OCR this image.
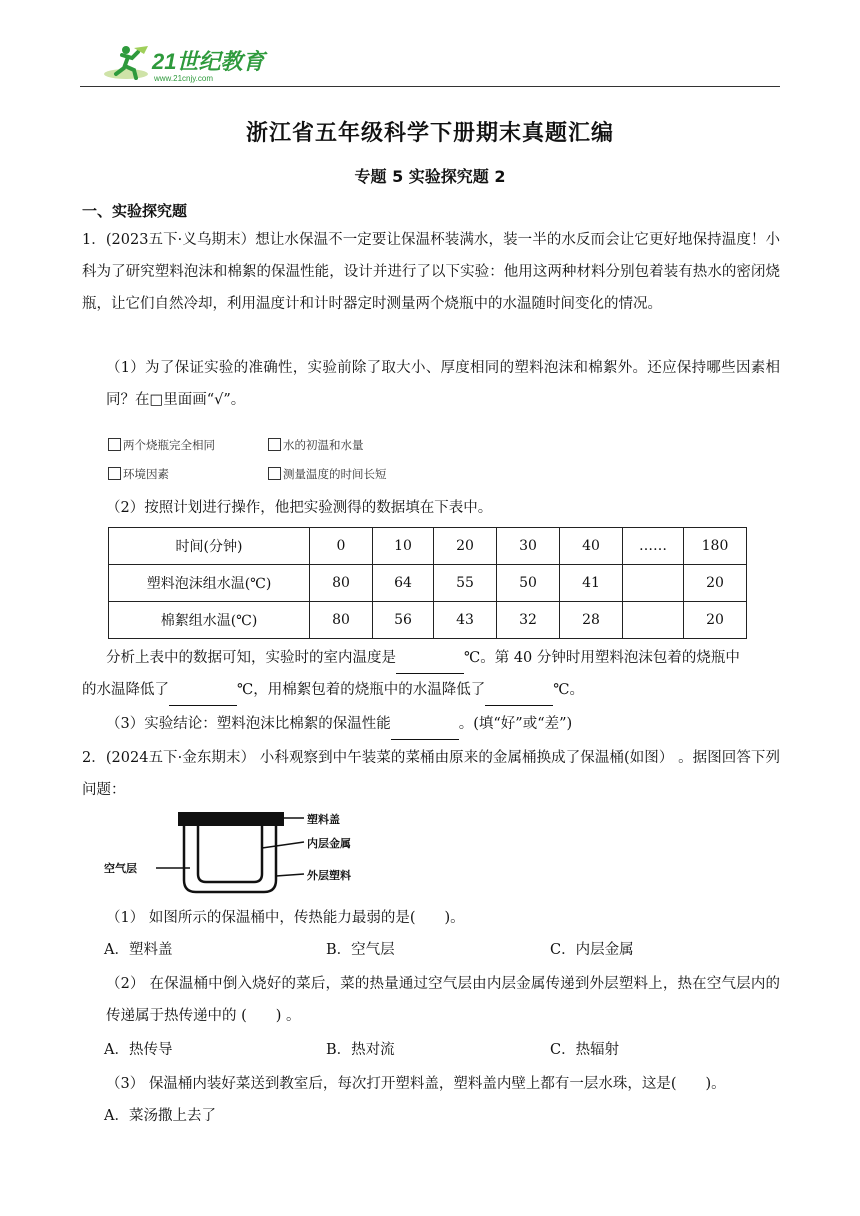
21世纪教育
www.21cnjy.com
浙江省五年级科学下册期末真题汇编
专题 5 实验探究题 2
一、实验探究题
1．(2023五下·义乌期末）想让水保温不一定要让保温杯装满水，装一半的水反而会让它更好地保持温度！小科为了研究塑料泡沫和棉絮的保温性能，设计并进行了以下实验：他用这两种材料分别包着装有热水的密闭烧瓶，让它们自然冷却，利用温度计和计时器定时测量两个烧瓶中的水温随时间变化的情况。
（1）为了保证实验的准确性，实验前除了取大小、厚度相同的塑料泡沫和棉絮外。还应保持哪些因素相同？在□里面画“√”。
两个烧瓶完全相同	水的初温和水量
环境因素	测量温度的时间长短
（2）按照计划进行操作，他把实验测得的数据填在下表中。
时间(分钟)	0	10	20	30	40	……	180
塑料泡沫组水温(℃)	80	64	55	50	41		20
棉絮组水温(℃)	80	56	43	32	28		20
分析上表中的数据可知，实验时的室内温度是	℃。第 40 分钟时用塑料泡沫包着的烧瓶中
的水温降低了	℃，用棉絮包着的烧瓶中的水温降低了	℃。
（3）实验结论：塑料泡沫比棉絮的保温性能	。(填“好”或“差”)
2．(2024五下·金东期末） 小科观察到中午装菜的菜桶由原来的金属桶换成了保温桶(如图） 。据图回答下列问题：
塑料盖
内层金属
外层塑料
空气层
（1） 如图所示的保温桶中，传热能力最弱的是(　　)。
A．塑料盖	B．空气层	C．内层金属
（2） 在保温桶中倒入烧好的菜后，菜的热量通过空气层由内层金属传递到外层塑料上，热在空气层内的传递属于热传递中的 (　　) 。
A．热传导	B．热对流	C．热辐射
（3） 保温桶内装好菜送到教室后，每次打开塑料盖，塑料盖内壁上都有一层水珠，这是(　　)。
A．菜汤撒上去了
